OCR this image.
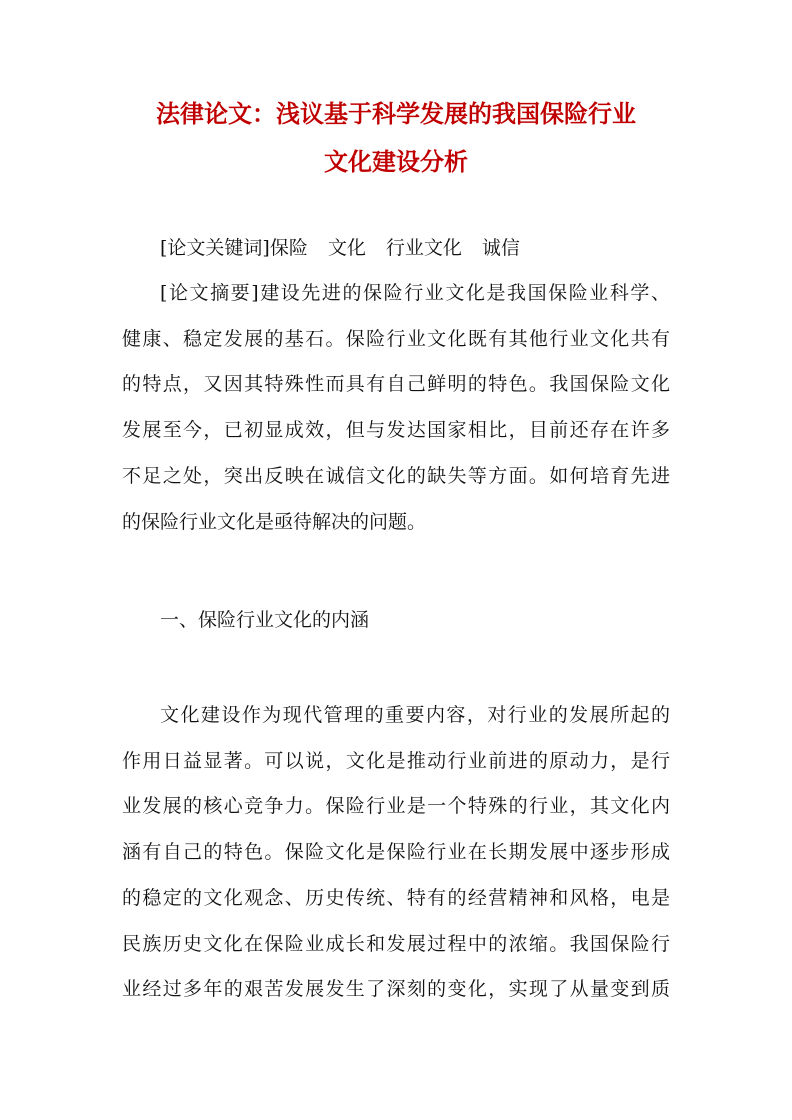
法律论文：浅议基于科学发展的我国保险行业
文化建设分析
[论文关键词]保险 文化 行业文化 诚信
[论文摘要]建设先进的保险行业文化是我国保险业科学、
健康、稳定发展的基石。保险行业文化既有其他行业文化共有
的特点，又因其特殊性而具有自己鲜明的特色。我国保险文化
发展至今，已初显成效，但与发达国家相比，目前还存在许多
不足之处，突出反映在诚信文化的缺失等方面。如何培育先进
的保险行业文化是亟待解决的问题。
一、保险行业文化的内涵
文化建设作为现代管理的重要内容，对行业的发展所起的
作用日益显著。可以说，文化是推动行业前进的原动力，是行
业发展的核心竞争力。保险行业是一个特殊的行业，其文化内
涵有自己的特色。保险文化是保险行业在长期发展中逐步形成
的稳定的文化观念、历史传统、特有的经营精神和风格，电是
民族历史文化在保险业成长和发展过程中的浓缩。我国保险行
业经过多年的艰苦发展发生了深刻的变化，实现了从量变到质
